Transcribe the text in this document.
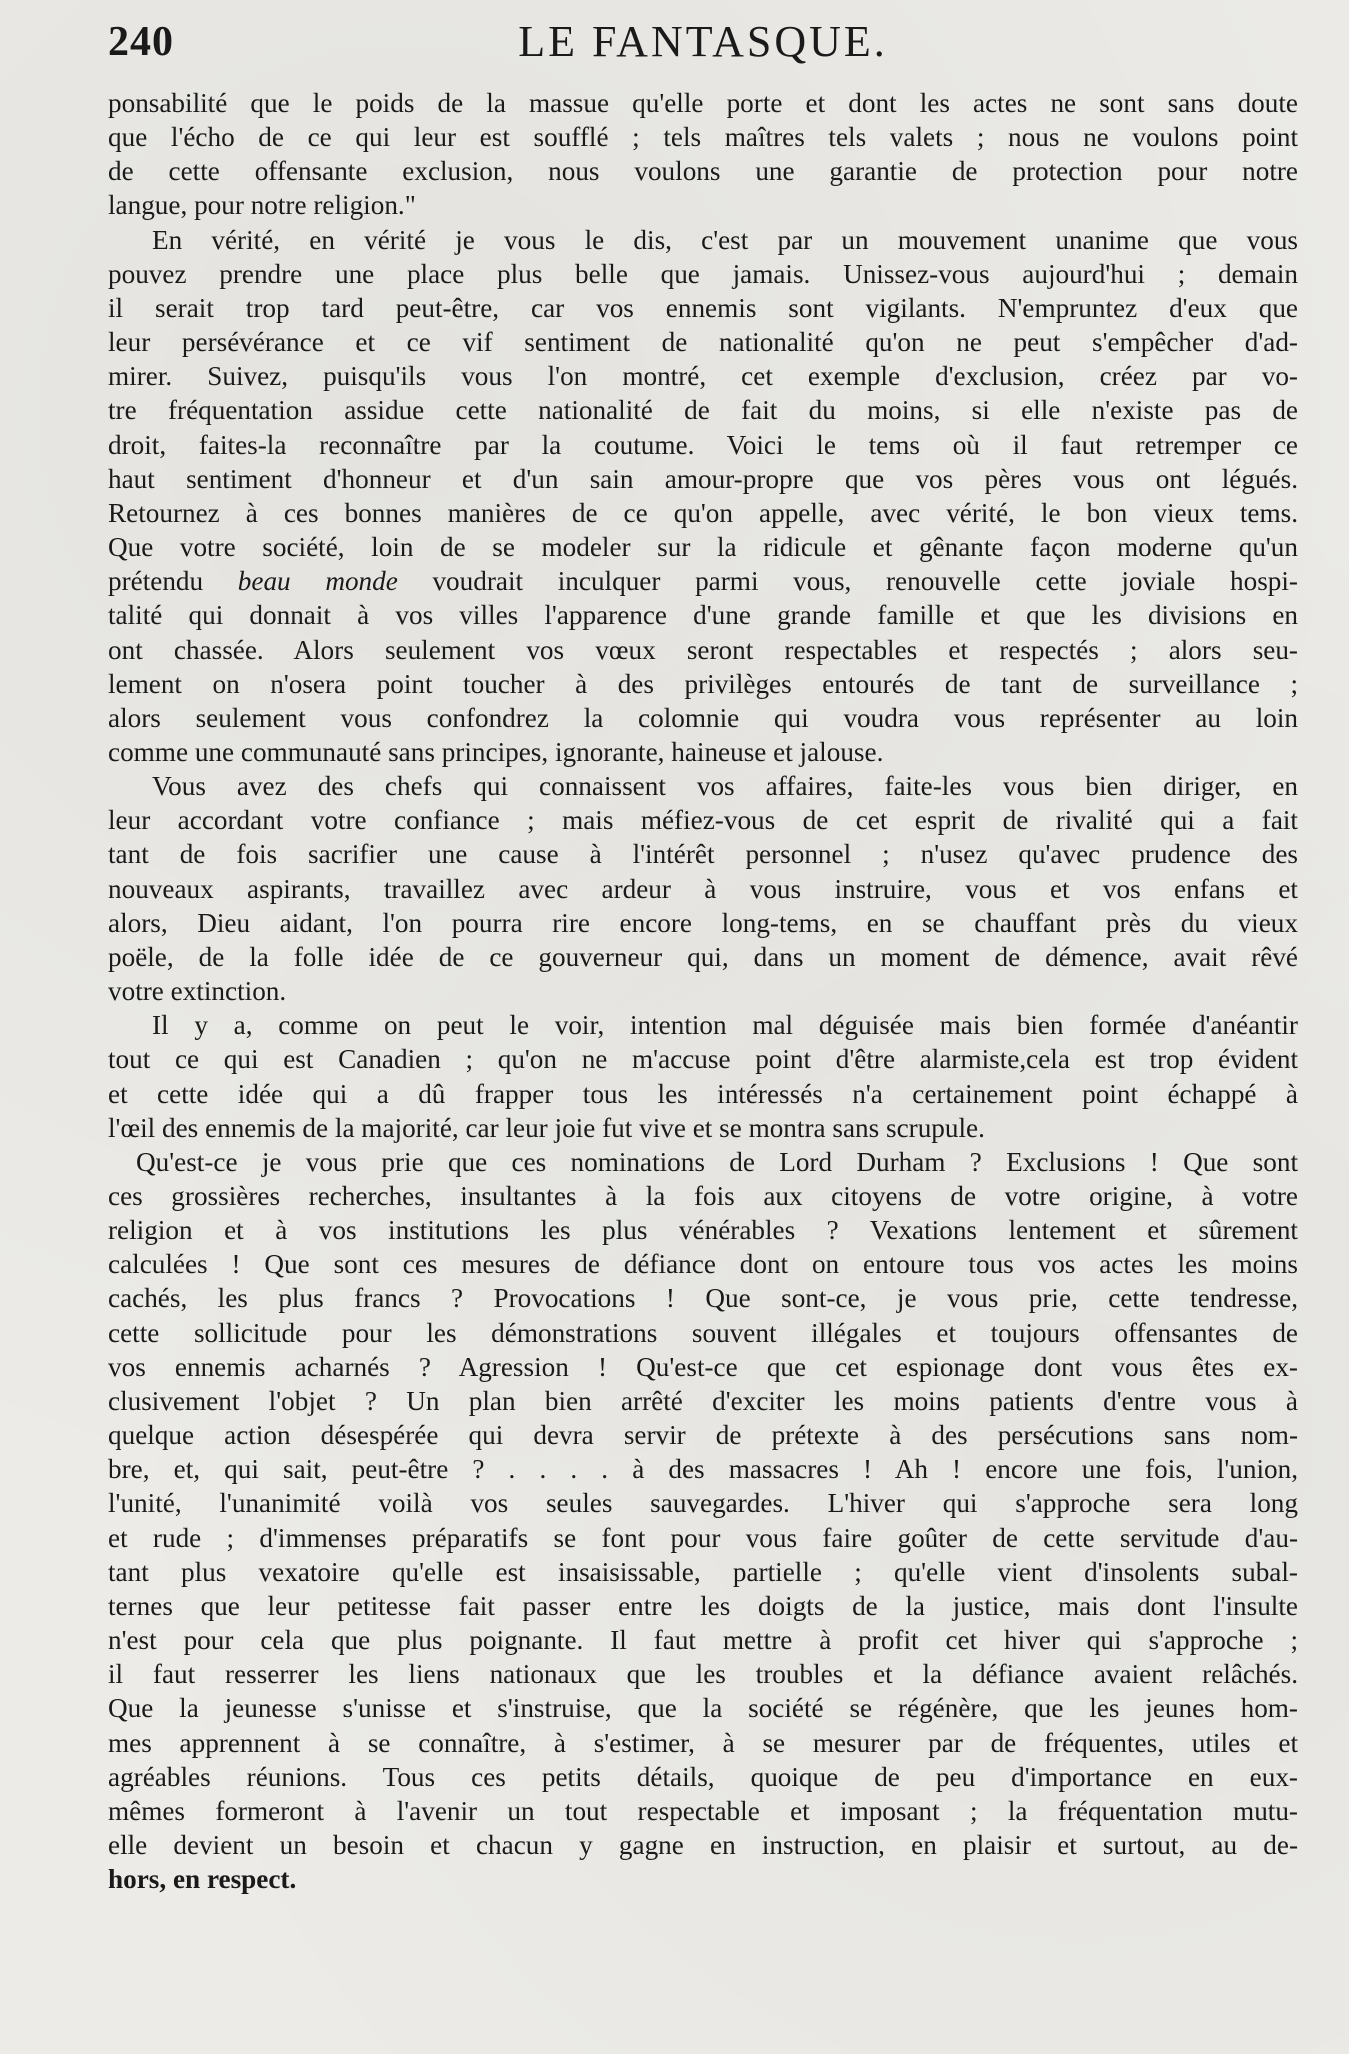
240	LE FANTASQUE.
ponsabilité que le poids de la massue qu'elle porte et dont les actes ne sont sans doute
que l'écho de ce qui leur est soufflé ; tels maîtres tels valets ; nous ne voulons point
de cette offensante exclusion, nous voulons une garantie de protection pour notre
langue, pour notre religion."
En vérité, en vérité je vous le dis, c'est par un mouvement unanime que vous
pouvez prendre une place plus belle que jamais. Unissez-vous aujourd'hui ; demain
il serait trop tard peut-être, car vos ennemis sont vigilants. N'empruntez d'eux que
leur persévérance et ce vif sentiment de nationalité qu'on ne peut s'empêcher d'ad-
mirer. Suivez, puisqu'ils vous l'on montré, cet exemple d'exclusion, créez par vo-
tre fréquentation assidue cette nationalité de fait du moins, si elle n'existe pas de
droit, faites-la reconnaître par la coutume. Voici le tems où il faut retremper ce
haut sentiment d'honneur et d'un sain amour-propre que vos pères vous ont légués.
Retournez à ces bonnes manières de ce qu'on appelle, avec vérité, le bon vieux tems.
Que votre société, loin de se modeler sur la ridicule et gênante façon moderne qu'un
prétendu beau monde voudrait inculquer parmi vous, renouvelle cette joviale hospi-
talité qui donnait à vos villes l'apparence d'une grande famille et que les divisions en
ont chassée. Alors seulement vos vœux seront respectables et respectés ; alors seu-
lement on n'osera point toucher à des privilèges entourés de tant de surveillance ;
alors seulement vous confondrez la colomnie qui voudra vous représenter au loin
comme une communauté sans principes, ignorante, haineuse et jalouse.
Vous avez des chefs qui connaissent vos affaires, faite-les vous bien diriger, en
leur accordant votre confiance ; mais méfiez-vous de cet esprit de rivalité qui a fait
tant de fois sacrifier une cause à l'intérêt personnel ; n'usez qu'avec prudence des
nouveaux aspirants, travaillez avec ardeur à vous instruire, vous et vos enfans et
alors, Dieu aidant, l'on pourra rire encore long-tems, en se chauffant près du vieux
poële, de la folle idée de ce gouverneur qui, dans un moment de démence, avait rêvé
votre extinction.
Il y a, comme on peut le voir, intention mal déguisée mais bien formée d'anéantir
tout ce qui est Canadien ; qu'on ne m'accuse point d'être alarmiste,cela est trop évident
et cette idée qui a dû frapper tous les intéressés n'a certainement point échappé à
l'œil des ennemis de la majorité, car leur joie fut vive et se montra sans scrupule.
Qu'est-ce je vous prie que ces nominations de Lord Durham ? Exclusions ! Que sont
ces grossières recherches, insultantes à la fois aux citoyens de votre origine, à votre
religion et à vos institutions les plus vénérables ? Vexations lentement et sûrement
calculées ! Que sont ces mesures de défiance dont on entoure tous vos actes les moins
cachés, les plus francs ? Provocations ! Que sont-ce, je vous prie, cette tendresse,
cette sollicitude pour les démonstrations souvent illégales et toujours offensantes de
vos ennemis acharnés ? Agression ! Qu'est-ce que cet espionage dont vous êtes ex-
clusivement l'objet ? Un plan bien arrêté d'exciter les moins patients d'entre vous à
quelque action désespérée qui devra servir de prétexte à des persécutions sans nom-
bre, et, qui sait, peut-être ? . . . . à des massacres ! Ah ! encore une fois, l'union,
l'unité, l'unanimité voilà vos seules sauvegardes. L'hiver qui s'approche sera long
et rude ; d'immenses préparatifs se font pour vous faire goûter de cette servitude d'au-
tant plus vexatoire qu'elle est insaisissable, partielle ; qu'elle vient d'insolents subal-
ternes que leur petitesse fait passer entre les doigts de la justice, mais dont l'insulte
n'est pour cela que plus poignante. Il faut mettre à profit cet hiver qui s'approche ;
il faut resserrer les liens nationaux que les troubles et la défiance avaient relâchés.
Que la jeunesse s'unisse et s'instruise, que la société se régénère, que les jeunes hom-
mes apprennent à se connaître, à s'estimer, à se mesurer par de fréquentes, utiles et
agréables réunions. Tous ces petits détails, quoique de peu d'importance en eux-
mêmes formeront à l'avenir un tout respectable et imposant ; la fréquentation mutu-
elle devient un besoin et chacun y gagne en instruction, en plaisir et surtout, au de-
hors, en respect.
